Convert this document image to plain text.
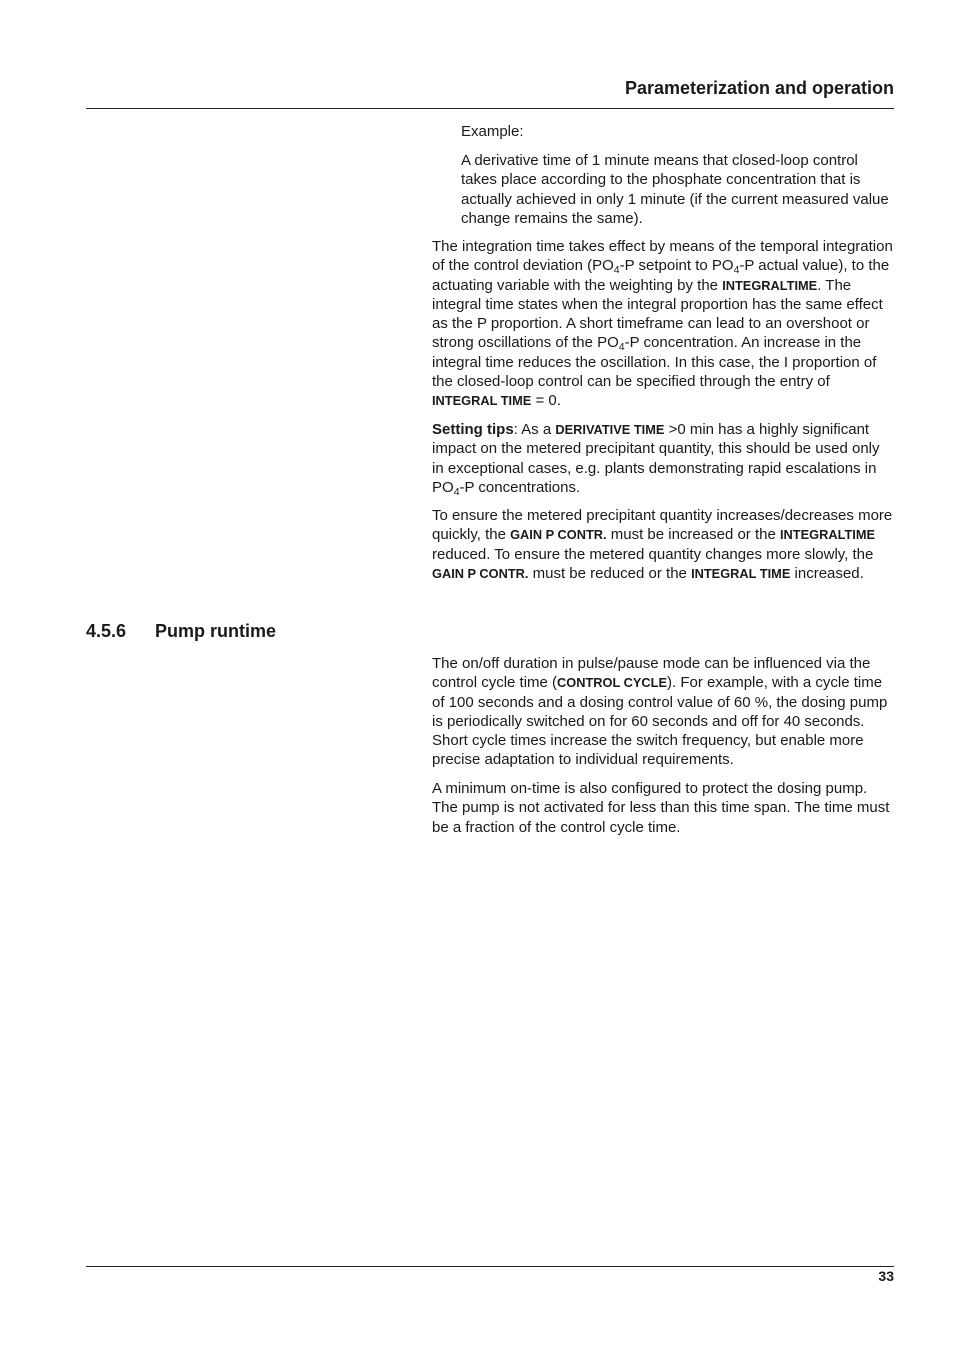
Parameterization and operation

Example:

A derivative time of 1 minute means that closed-loop control takes place according to the phosphate concentration that is actually achieved in only 1 minute (if the current measured value change remains the same).

The integration time takes effect by means of the temporal integration of the control deviation ($PO_4-P$ setpoint to $PO_4-P$ actual value), to the actuating variable with the weighting by the INTEGRALTIME. The integral time states when the integral proportion has the same effect as the P proportion. A short timeframe can lead to an overshoot or strong oscillations of the $PO_4-P$ concentration. An increase in the integral time reduces the oscillation. In this case, the I proportion of the closed-loop control can be specified through the entry of INTEGRAL TIME = 0.

Setting tips: As a DERIVATIVE TIME >0 min has a highly significant impact on the metered precipitant quantity, this should be used only in exceptional cases, e.g. plants demonstrating rapid escalations in $PO_4-P$ concentrations.

To ensure the metered precipitant quantity increases/decreases more quickly, the GAIN P CONTR. must be increased or the INTEGRALTIME reduced. To ensure the metered quantity changes more slowly, the GAIN P CONTR. must be reduced or the INTEGRAL TIME increased.

4.5.6 Pump runtime

The on/off duration in pulse/pause mode can be influenced via the control cycle time (CONTROL CYCLE). For example, with a cycle time of 100 seconds and a dosing control value of 60 %, the dosing pump is periodically switched on for 60 seconds and off for 40 seconds. Short cycle times increase the switch frequency, but enable more precise adaptation to individual requirements.

A minimum on-time is also configured to protect the dosing pump. The pump is not activated for less than this time span. The time must be a fraction of the control cycle time.

33
